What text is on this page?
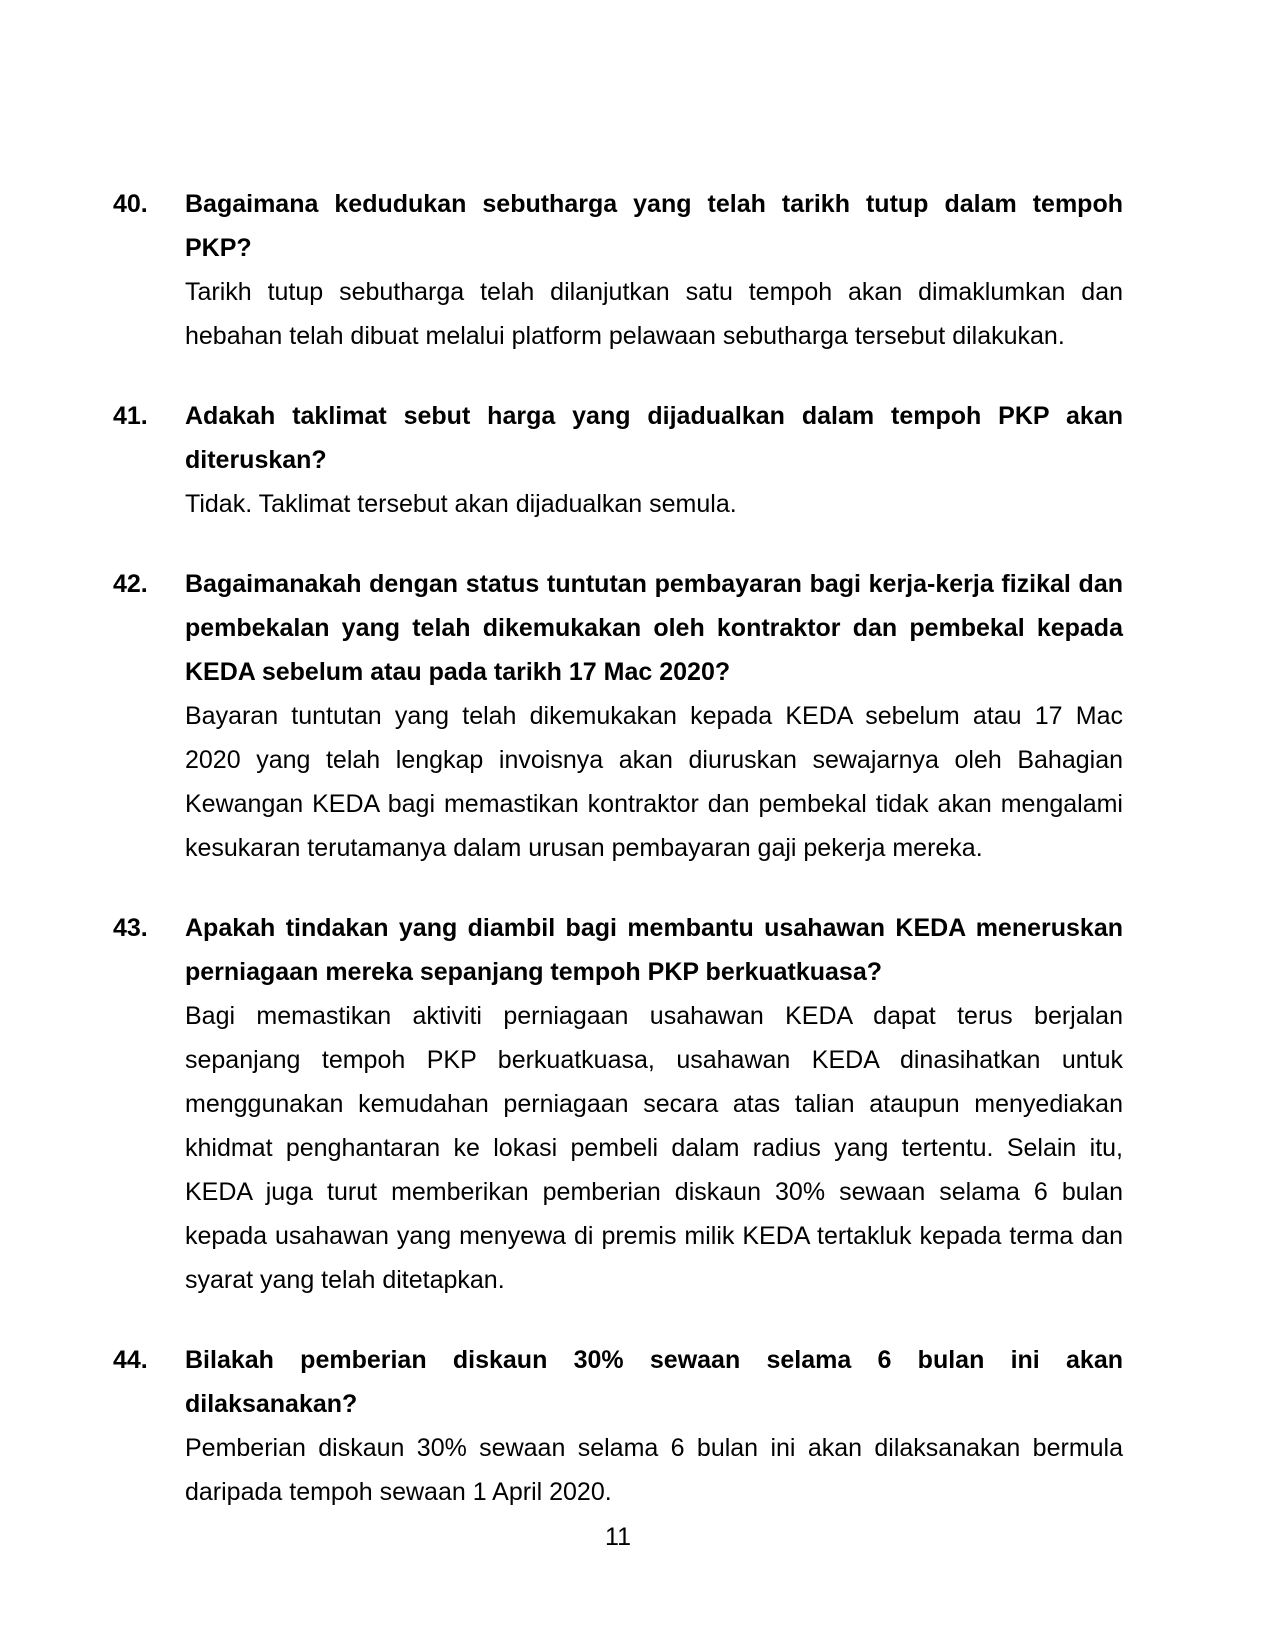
40. Bagaimana kedudukan sebutharga yang telah tarikh tutup dalam tempoh PKP?

Tarikh tutup sebutharga telah dilanjutkan satu tempoh akan dimaklumkan dan hebahan telah dibuat melalui platform pelawaan sebutharga tersebut dilakukan.

41. Adakah taklimat sebut harga yang dijadualkan dalam tempoh PKP akan diteruskan?

Tidak. Taklimat tersebut akan dijadualkan semula.

42. Bagaimanakah dengan status tuntutan pembayaran bagi kerja-kerja fizikal dan pembekalan yang telah dikemukakan oleh kontraktor dan pembekal kepada KEDA sebelum atau pada tarikh 17 Mac 2020?

Bayaran tuntutan yang telah dikemukakan kepada KEDA sebelum atau 17 Mac 2020 yang telah lengkap invoisnya akan diuruskan sewajarnya oleh Bahagian Kewangan KEDA bagi memastikan kontraktor dan pembekal tidak akan mengalami kesukaran terutamanya dalam urusan pembayaran gaji pekerja mereka.

43. Apakah tindakan yang diambil bagi membantu usahawan KEDA meneruskan perniagaan mereka sepanjang tempoh PKP berkuatkuasa?

Bagi memastikan aktiviti perniagaan usahawan KEDA dapat terus berjalan sepanjang tempoh PKP berkuatkuasa, usahawan KEDA dinasihatkan untuk menggunakan kemudahan perniagaan secara atas talian ataupun menyediakan khidmat penghantaran ke lokasi pembeli dalam radius yang tertentu. Selain itu, KEDA juga turut memberikan pemberian diskaun 30% sewaan selama 6 bulan kepada usahawan yang menyewa di premis milik KEDA tertakluk kepada terma dan syarat yang telah ditetapkan.

44. Bilakah pemberian diskaun 30% sewaan selama 6 bulan ini akan dilaksanakan?

Pemberian diskaun 30% sewaan selama 6 bulan ini akan dilaksanakan bermula daripada tempoh sewaan 1 April 2020.

11
